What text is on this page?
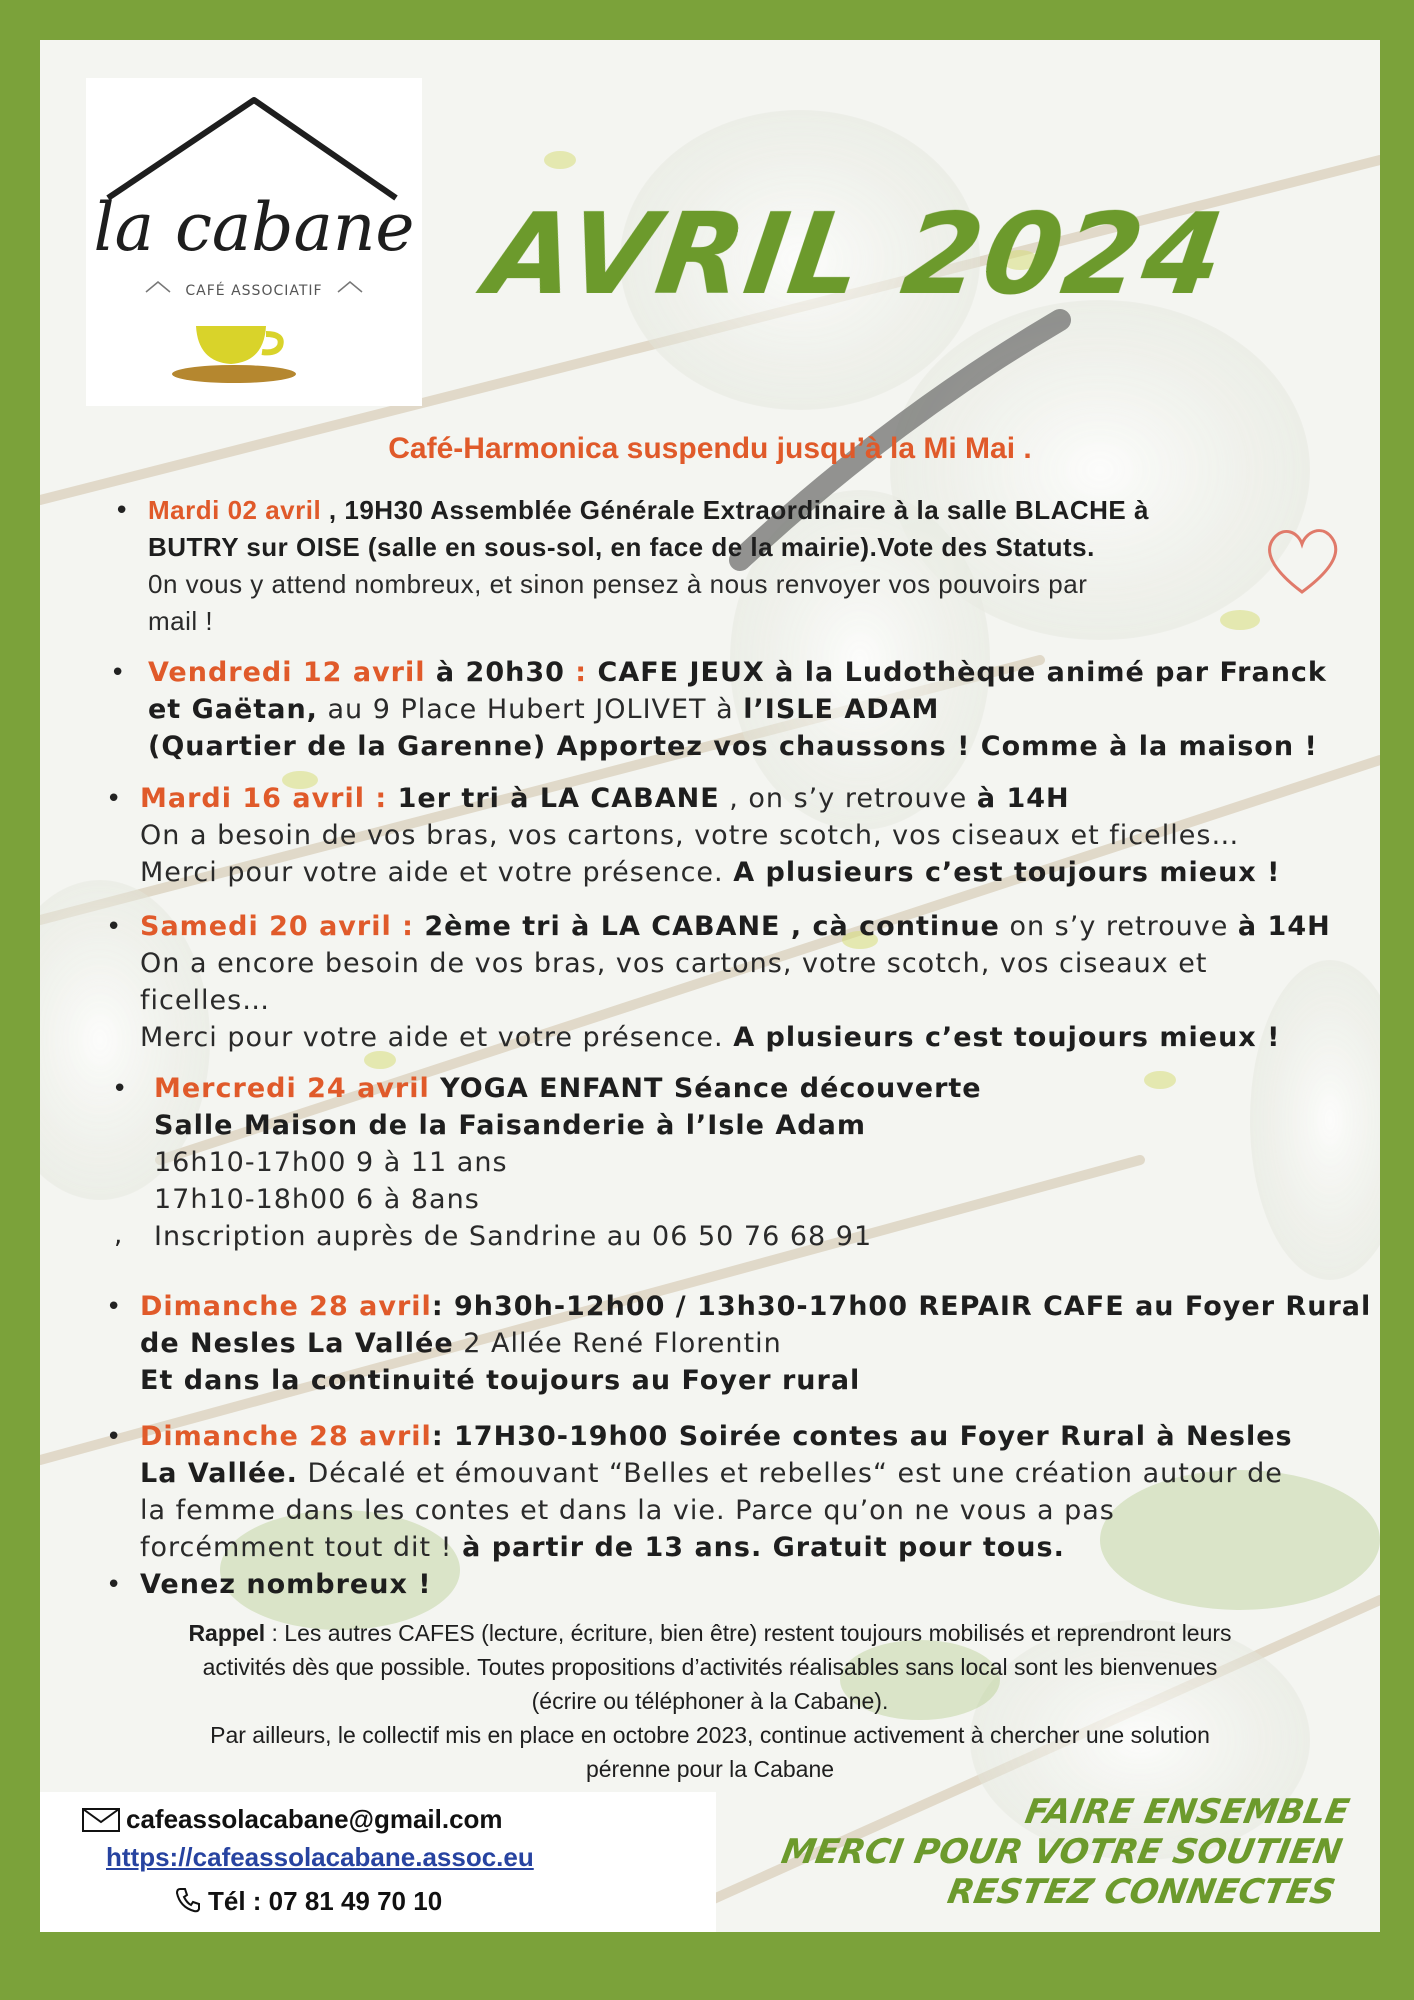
la cabane
CAFÉ ASSOCIATIF AVRIL 2024
Café-Harmonica suspendu jusqu’à la Mi Mai .
• Mardi 02 avril , 19H30 Assemblée Générale Extraordinaire à la salle BLACHE à
BUTRY sur OISE (salle en sous-sol, en face de la mairie).Vote des Statuts.
0n vous y attend nombreux, et sinon pensez à nous renvoyer vos pouvoirs par
mail !
• Vendredi 12 avril à 20h30 : CAFE JEUX à la Ludothèque animé par Franck
et Gaëtan, au 9 Place Hubert JOLIVET à l’ISLE ADAM
(Quartier de la Garenne) Apportez vos chaussons ! Comme à la maison !
• Mardi 16 avril : 1er tri à LA CABANE , on s’y retrouve à 14H
On a besoin de vos bras, vos cartons, votre scotch, vos ciseaux et ficelles…
Merci pour votre aide et votre présence. A plusieurs c’est toujours mieux !
• Samedi 20 avril : 2ème tri à LA CABANE , cà continue on s’y retrouve à 14H
On a encore besoin de vos bras, vos cartons, votre scotch, vos ciseaux et
ficelles…
Merci pour votre aide et votre présence. A plusieurs c’est toujours mieux !
•
,
Mercredi 24 avril YOGA ENFANT Séance découverte
Salle Maison de la Faisanderie à l’Isle Adam
16h10-17h00 9 à 11 ans
17h10-18h00 6 à 8ans
Inscription auprès de Sandrine au 06 50 76 68 91
• Dimanche 28 avril: 9h30h-12h00 / 13h30-17h00 REPAIR CAFE au Foyer Rural
de Nesles La Vallée 2 Allée René Florentin
Et dans la continuité toujours au Foyer rural
• Dimanche 28 avril: 17H30-19h00 Soirée contes au Foyer Rural à Nesles
La Vallée. Décalé et émouvant “Belles et rebelles“ est une création autour de
la femme dans les contes et dans la vie. Parce qu’on ne vous a pas
forcémment tout dit ! à partir de 13 ans. Gratuit pour tous.
• Venez nombreux !
Rappel : Les autres CAFES (lecture, écriture, bien être) restent toujours mobilisés et reprendront leurs
activités dès que possible. Toutes propositions d’activités réalisables sans local sont les bienvenues
(écrire ou téléphoner à la Cabane).
Par ailleurs, le collectif mis en place en octobre 2023, continue activement à chercher une solution
pérenne pour la Cabane
cafeassolacabane@gmail.com
https://cafeassolacabane.assoc.eu
Tél : 07 81 49 70 10
FAIRE ENSEMBLE
MERCI POUR VOTRE SOUTIEN
RESTEZ CONNECTES
